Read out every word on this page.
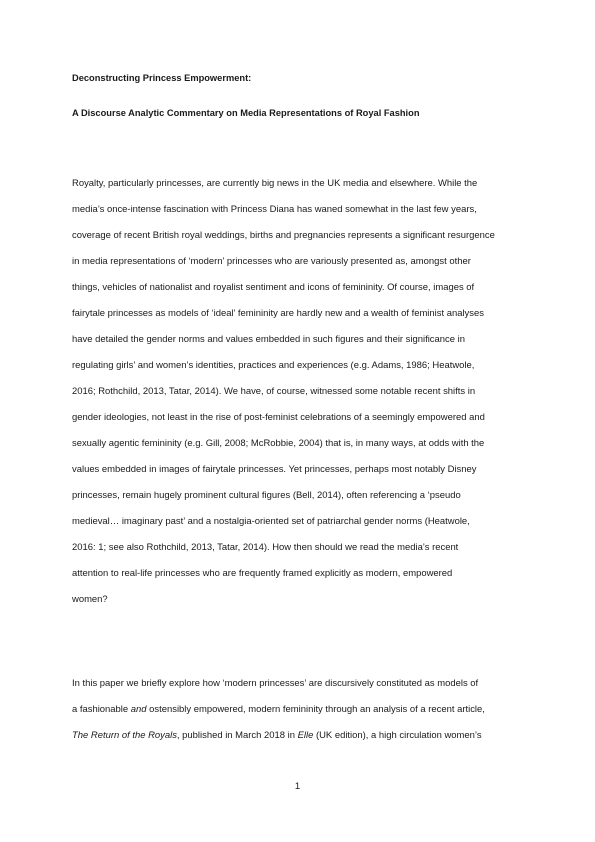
Deconstructing Princess Empowerment:
A Discourse Analytic Commentary on Media Representations of Royal Fashion
Royalty, particularly princesses, are currently big news in the UK media and elsewhere. While the
media’s once-intense fascination with Princess Diana has waned somewhat in the last few years,
coverage of recent British royal weddings, births and pregnancies represents a significant resurgence
in media representations of ‘modern’ princesses who are variously presented as, amongst other
things, vehicles of nationalist and royalist sentiment and icons of femininity. Of course, images of
fairytale princesses as models of ‘ideal’ femininity are hardly new and a wealth of feminist analyses
have detailed the gender norms and values embedded in such figures and their significance in
regulating girls’ and women’s identities, practices and experiences (e.g. Adams, 1986; Heatwole,
2016; Rothchild, 2013, Tatar, 2014). We have, of course, witnessed some notable recent shifts in
gender ideologies, not least in the rise of post-feminist celebrations of a seemingly empowered and
sexually agentic femininity (e.g. Gill, 2008; McRobbie, 2004) that is, in many ways, at odds with the
values embedded in images of fairytale princesses. Yet princesses, perhaps most notably Disney
princesses, remain hugely prominent cultural figures (Bell, 2014), often referencing a ‘pseudo
medieval… imaginary past’ and a nostalgia-oriented set of patriarchal gender norms (Heatwole,
2016: 1; see also Rothchild, 2013, Tatar, 2014). How then should we read the media’s recent
attention to real-life princesses who are frequently framed explicitly as modern, empowered
women?
In this paper we briefly explore how ‘modern princesses’ are discursively constituted as models of
a fashionable and ostensibly empowered, modern femininity through an analysis of a recent article,
The Return of the Royals, published in March 2018 in Elle (UK edition), a high circulation women’s
1
